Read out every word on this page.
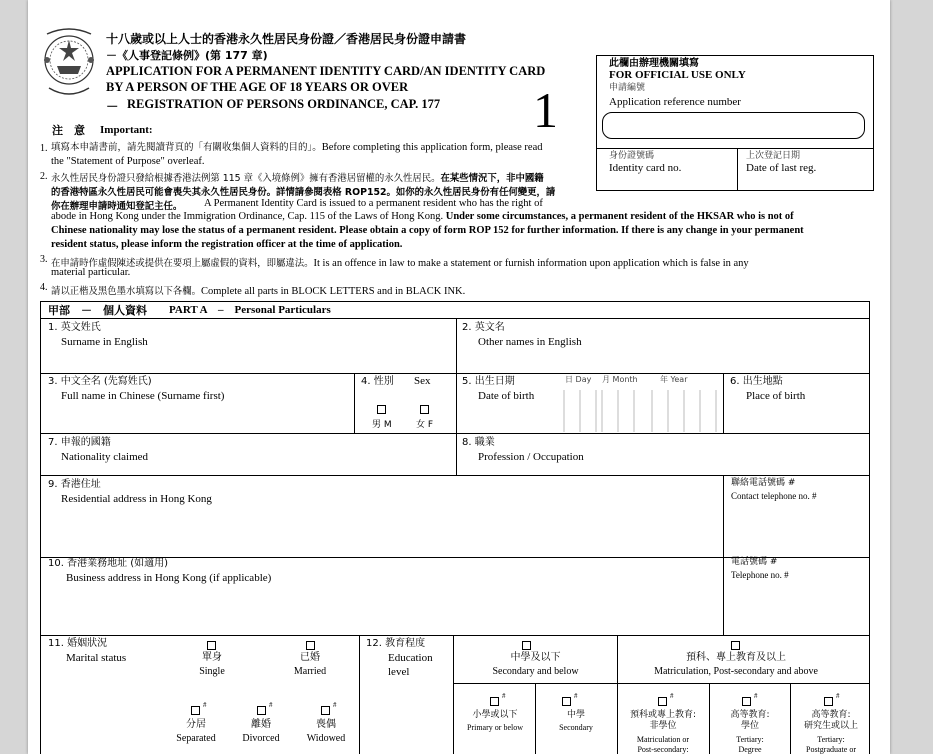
十八歲或以上人士的香港永久性居民身份證／香港居民身份證申請書
－《人事登記條例》(第 177 章)
APPLICATION FOR A PERMANENT IDENTITY CARD/AN IDENTITY CARD
BY A PERSON OF THE AGE OF 18 YEARS OR OVER
－ REGISTRATION OF PERSONS ORDINANCE, CAP. 177 1
此欄由辦理機關填寫
FOR OFFICIAL USE ONLY
申請編號
Application reference number
身份證號碼
Identity card no.
上次登記日期
Date of last reg.
注　意 Important:
1. 填寫本申請書前，請先閱讀背頁的「有關收集個人資料的目的」。Before completing this application form, please read
the "Statement of Purpose" overleaf.
2. 永久性居民身份證只發給根據香港法例第 115 章《入境條例》擁有香港居留權的永久性居民。在某些情況下，非中國籍
的香港特區永久性居民可能會喪失其永久性居民身份。詳情請參閱表格 ROP152。如你的永久性居民身份有任何變更，請
你在辦理申請時通知登記主任。 A Permanent Identity Card is issued to a permanent resident who has the right of
abode in Hong Kong under the Immigration Ordinance, Cap. 115 of the Laws of Hong Kong. Under some circumstances, a permanent resident of the HKSAR who is not of
Chinese nationality may lose the status of a permanent resident. Please obtain a copy of form ROP 152 for further information. If there is any change in your permanent
resident status, please inform the registration officer at the time of application.
3. 在申請時作虛假陳述或提供在要項上屬虛假的資料，即屬違法。It is an offence in law to make a statement or furnish information upon application which is false in any
material particular.
4. 請以正楷及黑色墨水填寫以下各欄。Complete all parts in BLOCK LETTERS and in BLACK INK.
甲部　－　個人資料 PART A　–　Personal Particulars
1. 英文姓氏
Surname in English
2. 英文名
Other names in English
3. 中文全名 (先寫姓氏)
Full name in Chinese (Surname first)
4. 性別 Sex
男 M	女 F
5. 出生日期
Date of birth
日 Day 月 Month	年 Year	6. 出生地點
Place of birth
7. 申報的國籍
Nationality claimed
8. 職業
Profession / Occupation
9. 香港住址
Residential address in Hong Kong
聯絡電話號碼 #
Contact telephone no. #
10. 香港業務地址 (如適用)
Business address in Hong Kong (if applicable)
電話號碼 #
Telephone no. #
11. 婚姻狀況
Marital status	單身
Single
已婚
Married
#
分居
Separated
#
離婚
Divorced
#
喪偶
Widowed
12. 教育程度
Education
level
中學及以下
Secondary and below
預科、專上教育及以上
Matriculation, Post-secondary and above
#
小學或以下
Primary or below
#
中學
Secondary
#
預科或專上教育:
非學位
Matriculation or
Post-secondary:
#
高等教育:
學位
Tertiary:
Degree
#
高等教育:
研究生或以上
Tertiary:
Postgraduate or
